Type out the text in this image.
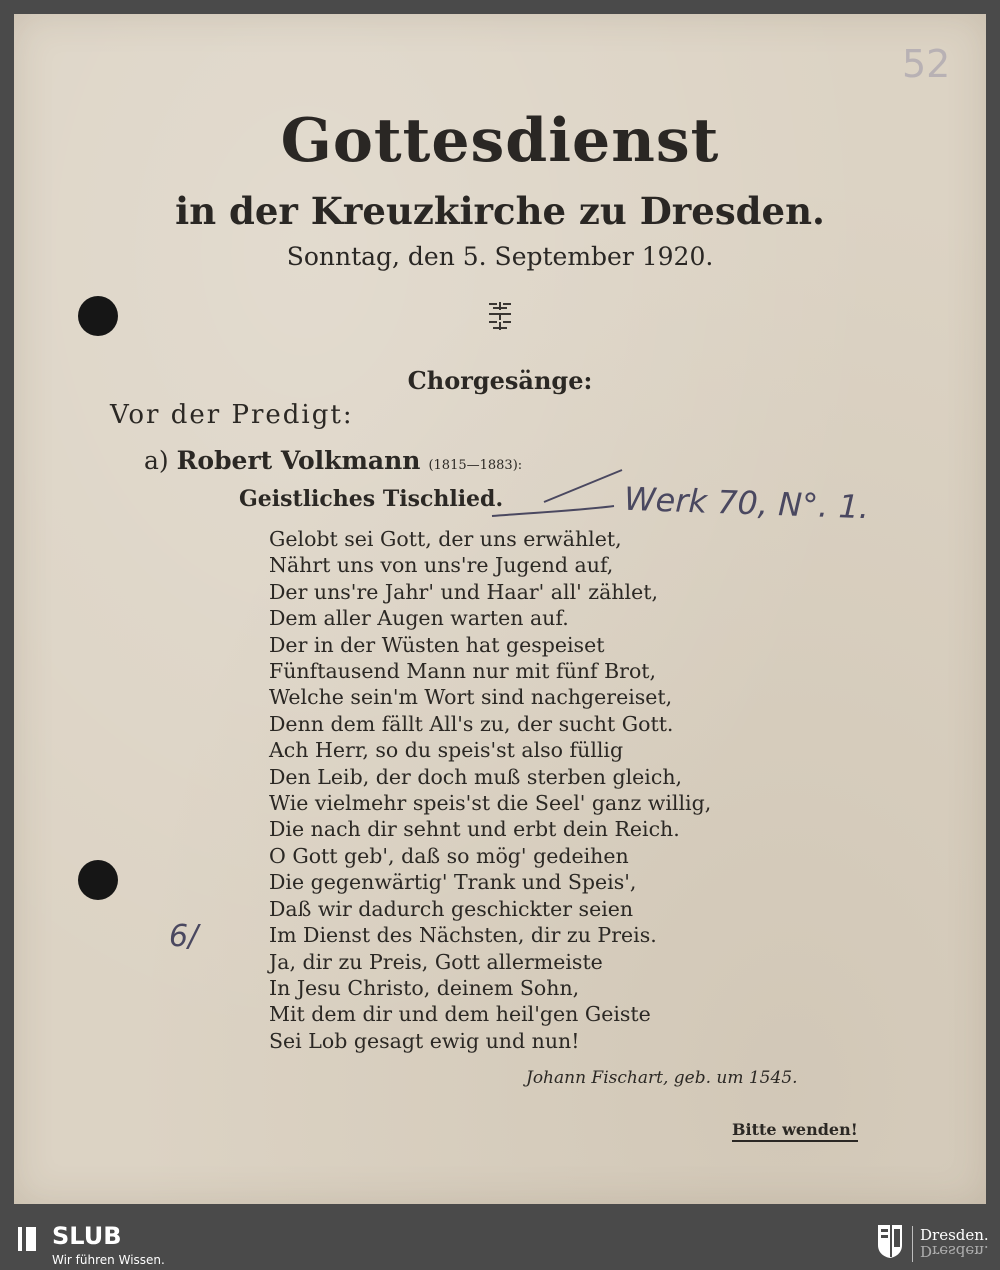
52
Gottesdienst
in der Kreuzkirche zu Dresden.
Sonntag, den 5. September 1920.
Chorgesänge:
Vor der Predigt:
a) Robert Volkmann (1815—1883):
Geistliches Tischlied.	Werk 70, N°. 1.
Gelobt sei Gott, der uns erwählet,
Nährt uns von uns're Jugend auf,
Der uns're Jahr' und Haar' all' zählet,
Dem aller Augen warten auf.
Der in der Wüsten hat gespeiset
Fünftausend Mann nur mit fünf Brot,
Welche sein'm Wort sind nachgereiset,
Denn dem fällt All's zu, der sucht Gott.
Ach Herr, so du speis'st also füllig
Den Leib, der doch muß sterben gleich,
Wie vielmehr speis'st die Seel' ganz willig,
Die nach dir sehnt und erbt dein Reich.
O Gott geb', daß so mög' gedeihen
Die gegenwärtig' Trank und Speis',
Daß wir dadurch geschickter seien
Im Dienst des Nächsten, dir zu Preis.
Ja, dir zu Preis, Gott allermeiste
In Jesu Christo, deinem Sohn,
Mit dem dir und dem heil'gen Geiste
Sei Lob gesagt ewig und nun!
6/
Johann Fischart, geb. um 1545.
Bitte wenden!
SLUB
Wir führen Wissen.
Dresden.
Dresden.
